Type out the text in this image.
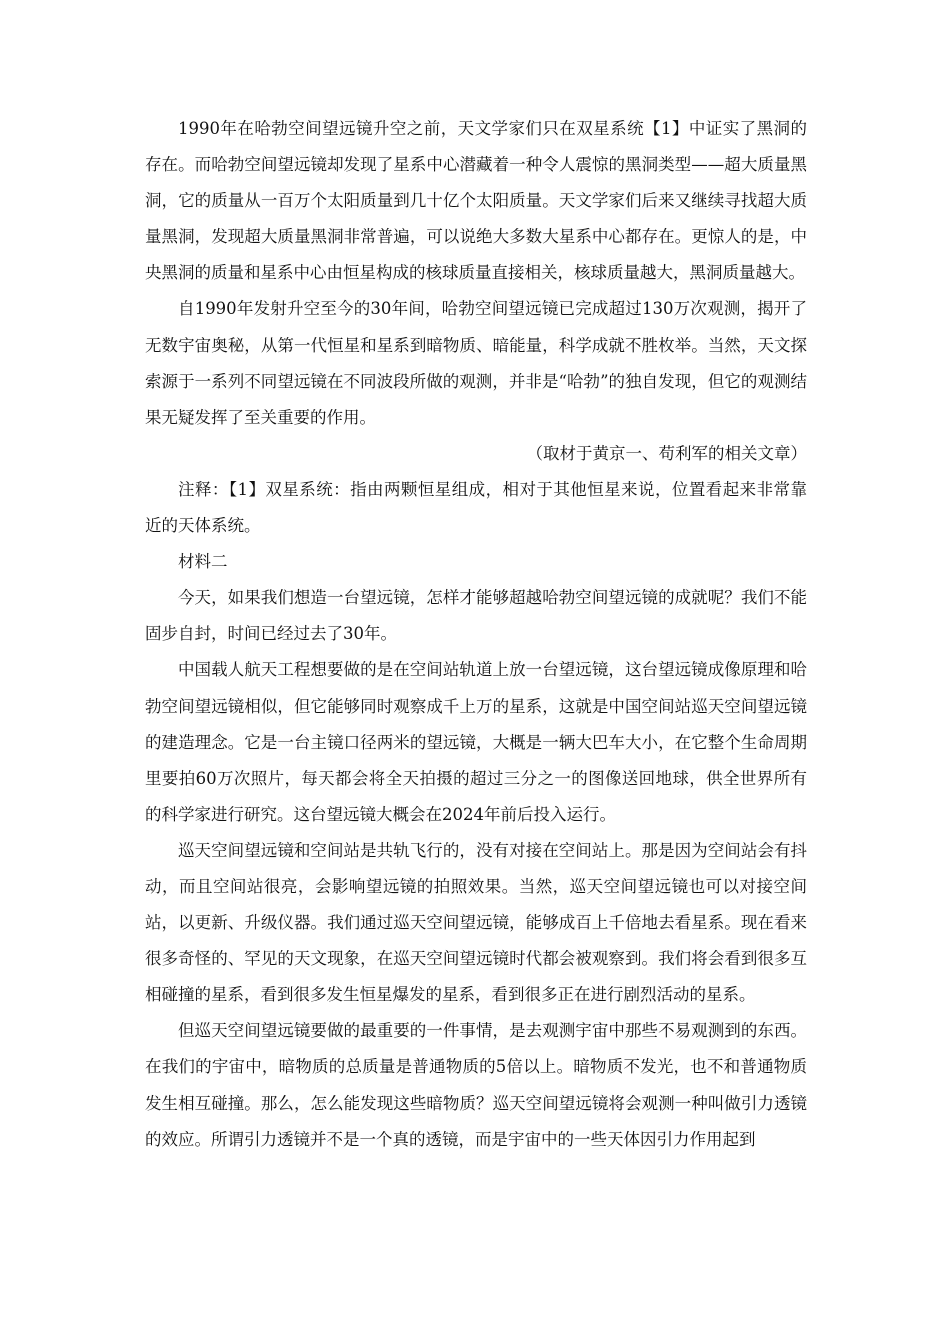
1990年在哈勃空间望远镜升空之前，天文学家们只在双星系统【1】中证实了黑洞的存在。而哈勃空间望远镜却发现了星系中心潜藏着一种令人震惊的黑洞类型——超大质量黑洞，它的质量从一百万个太阳质量到几十亿个太阳质量。天文学家们后来又继续寻找超大质量黑洞，发现超大质量黑洞非常普遍，可以说绝大多数大星系中心都存在。更惊人的是，中央黑洞的质量和星系中心由恒星构成的核球质量直接相关，核球质量越大，黑洞质量越大。

自1990年发射升空至今的30年间，哈勃空间望远镜已完成超过130万次观测，揭开了无数宇宙奥秘，从第一代恒星和星系到暗物质、暗能量，科学成就不胜枚举。当然，天文探索源于一系列不同望远镜在不同波段所做的观测，并非是“哈勃”的独自发现，但它的观测结果无疑发挥了至关重要的作用。

（取材于黄京一、苟利军的相关文章）

注释：【1】双星系统：指由两颗恒星组成，相对于其他恒星来说，位置看起来非常靠近的天体系统。

材料二

今天，如果我们想造一台望远镜，怎样才能够超越哈勃空间望远镜的成就呢？我们不能固步自封，时间已经过去了30年。

中国载人航天工程想要做的是在空间站轨道上放一台望远镜，这台望远镜成像原理和哈勃空间望远镜相似，但它能够同时观察成千上万的星系，这就是中国空间站巡天空间望远镜的建造理念。它是一台主镜口径两米的望远镜，大概是一辆大巴车大小，在它整个生命周期里要拍60万次照片，每天都会将全天拍摄的超过三分之一的图像送回地球，供全世界所有的科学家进行研究。这台望远镜大概会在2024年前后投入运行。

巡天空间望远镜和空间站是共轨飞行的，没有对接在空间站上。那是因为空间站会有抖动，而且空间站很亮，会影响望远镜的拍照效果。当然，巡天空间望远镜也可以对接空间站，以更新、升级仪器。我们通过巡天空间望远镜，能够成百上千倍地去看星系。现在看来很多奇怪的、罕见的天文现象，在巡天空间望远镜时代都会被观察到。我们将会看到很多互相碰撞的星系，看到很多发生恒星爆发的星系，看到很多正在进行剧烈活动的星系。

但巡天空间望远镜要做的最重要的一件事情，是去观测宇宙中那些不易观测到的东西。在我们的宇宙中，暗物质的总质量是普通物质的5倍以上。暗物质不发光，也不和普通物质发生相互碰撞。那么，怎么能发现这些暗物质？巡天空间望远镜将会观测一种叫做引力透镜的效应。所谓引力透镜并不是一个真的透镜，而是宇宙中的一些天体因引力作用起到
